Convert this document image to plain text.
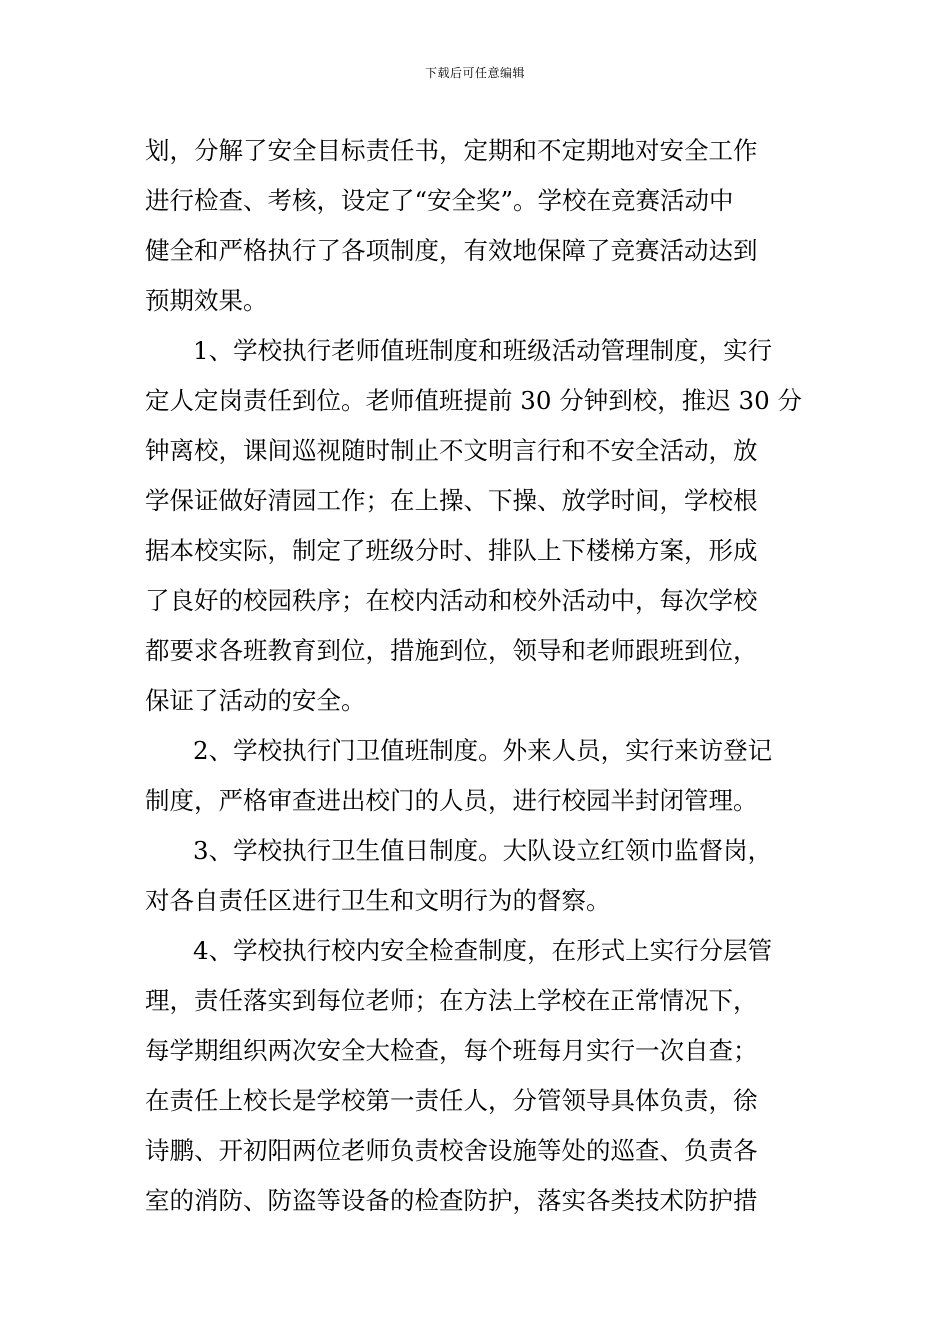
下载后可任意编辑
划，分解了安全目标责任书，定期和不定期地对安全工作
进行检查、考核，设定了“安全奖”。学校在竞赛活动中
健全和严格执行了各项制度，有效地保障了竞赛活动达到
预期效果。
1、学校执行老师值班制度和班级活动管理制度，实行
定人定岗责任到位。老师值班提前 30 分钟到校，推迟 30 分
钟离校，课间巡视随时制止不文明言行和不安全活动，放
学保证做好清园工作；在上操、下操、放学时间，学校根
据本校实际，制定了班级分时、排队上下楼梯方案，形成
了良好的校园秩序；在校内活动和校外活动中，每次学校
都要求各班教育到位，措施到位，领导和老师跟班到位，
保证了活动的安全。
2、学校执行门卫值班制度。外来人员，实行来访登记
制度，严格审查进出校门的人员，进行校园半封闭管理。
3、学校执行卫生值日制度。大队设立红领巾监督岗，
对各自责任区进行卫生和文明行为的督察。
4、学校执行校内安全检查制度，在形式上实行分层管
理，责任落实到每位老师；在方法上学校在正常情况下，
每学期组织两次安全大检查，每个班每月实行一次自查；
在责任上校长是学校第一责任人，分管领导具体负责，徐
诗鹏、开初阳两位老师负责校舍设施等处的巡查、负责各
室的消防、防盗等设备的检查防护，落实各类技术防护措
